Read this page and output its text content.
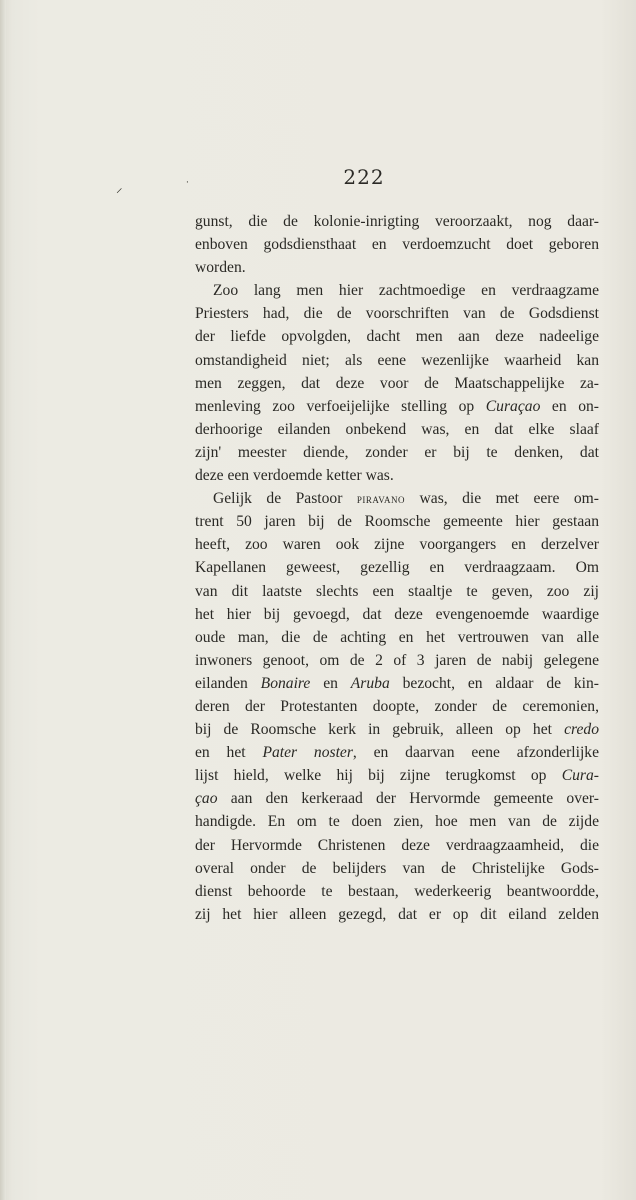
⸝	·	222
gunst, die de kolonie-inrigting veroorzaakt, nog daar-
enboven godsdiensthaat en verdoemzucht doet geboren
worden.
Zoo lang men hier zachtmoedige en verdraagzame
Priesters had, die de voorschriften van de Godsdienst
der liefde opvolgden, dacht men aan deze nadeelige
omstandigheid niet; als eene wezenlijke waarheid kan
men zeggen, dat deze voor de Maatschappelijke za-
menleving zoo verfoeijelijke stelling op Curaçao en on-
derhoorige eilanden onbekend was, en dat elke slaaf
zijn' meester diende, zonder er bij te denken, dat
deze een verdoemde ketter was.
Gelijk de Pastoor piravano was, die met eere om-
trent 50 jaren bij de Roomsche gemeente hier gestaan
heeft, zoo waren ook zijne voorgangers en derzelver
Kapellanen geweest, gezellig en verdraagzaam. Om
van dit laatste slechts een staaltje te geven, zoo zij
het hier bij gevoegd, dat deze evengenoemde waardige
oude man, die de achting en het vertrouwen van alle
inwoners genoot, om de 2 of 3 jaren de nabij gelegene
eilanden Bonaire en Aruba bezocht, en aldaar de kin-
deren der Protestanten doopte, zonder de ceremonien,
bij de Roomsche kerk in gebruik, alleen op het credo
en het Pater noster, en daarvan eene afzonderlijke
lijst hield, welke hij bij zijne terugkomst op Cura-
çao aan den kerkeraad der Hervormde gemeente over-
handigde. En om te doen zien, hoe men van de zijde
der Hervormde Christenen deze verdraagzaamheid, die
overal onder de belijders van de Christelijke Gods-
dienst behoorde te bestaan, wederkeerig beantwoordde,
zij het hier alleen gezegd, dat er op dit eiland zelden
